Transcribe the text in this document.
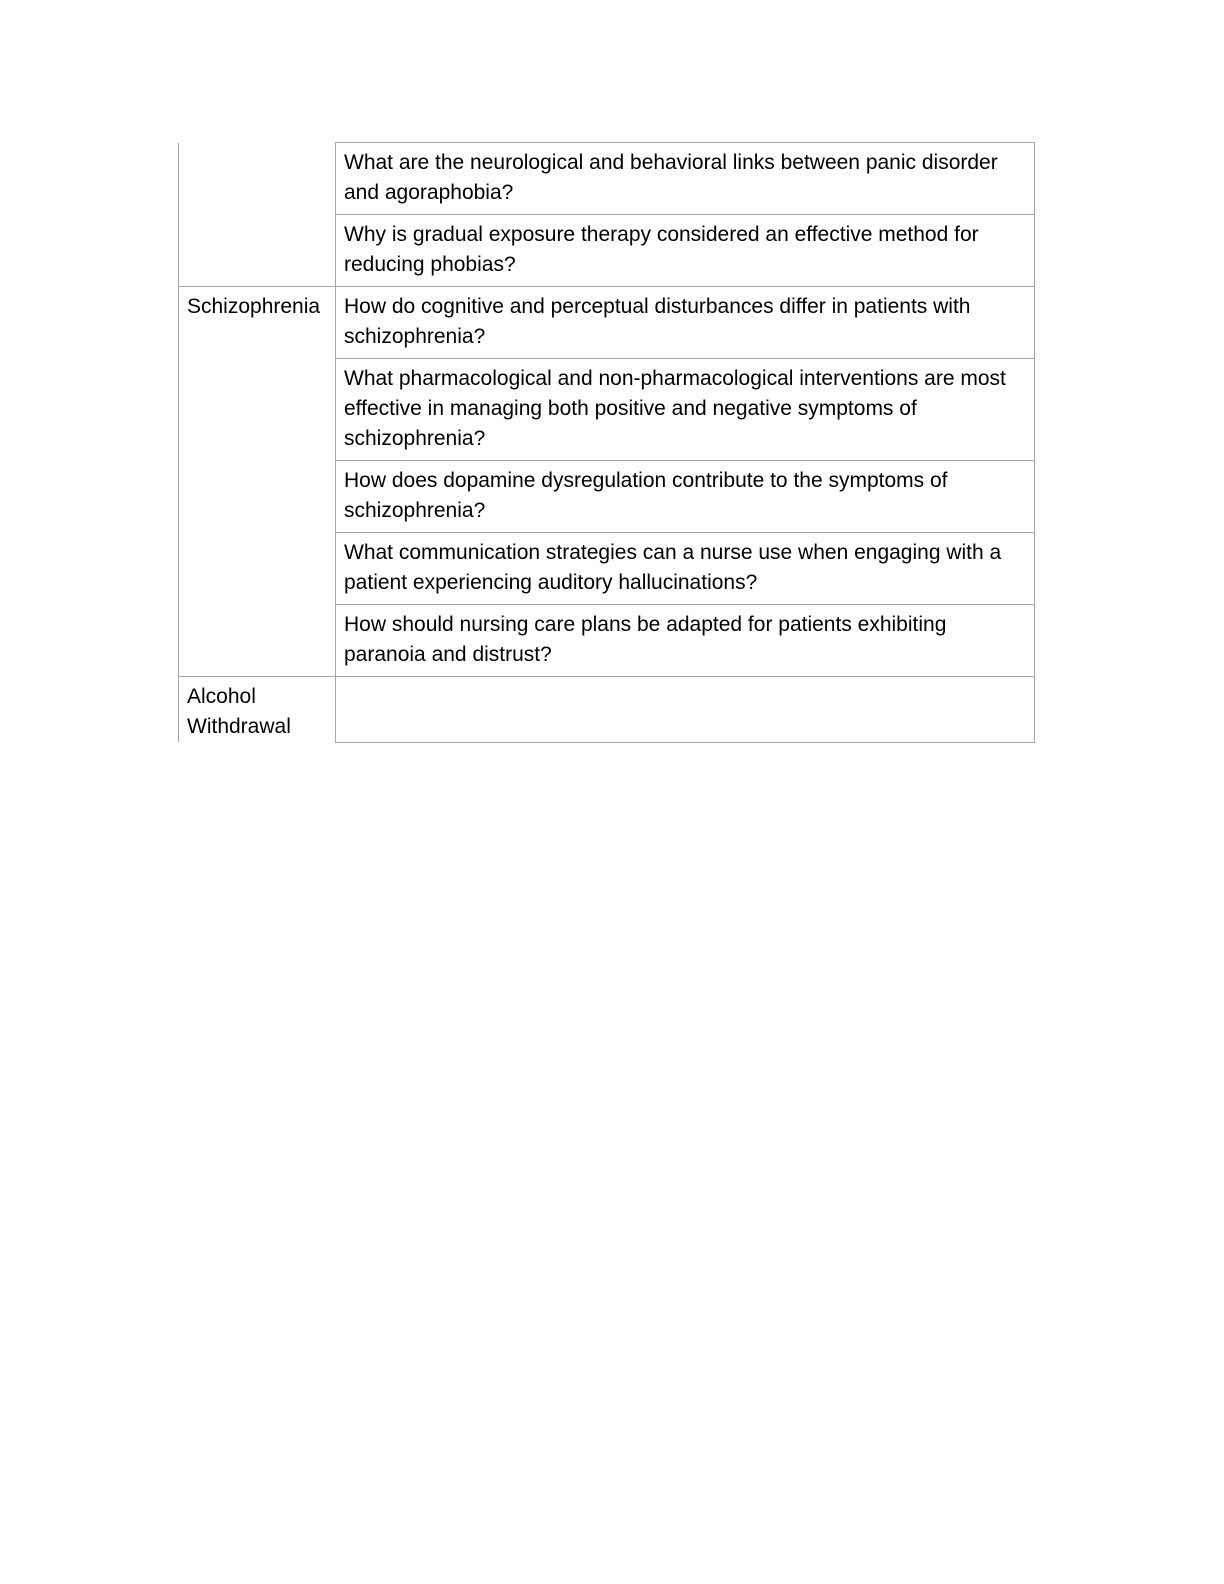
	What are the neurological and behavioral links between panic disorder and agoraphobia?
	Why is gradual exposure therapy considered an effective method for reducing phobias?
Schizophrenia	How do cognitive and perceptual disturbances differ in patients with schizophrenia?
	What pharmacological and non-pharmacological interventions are most effective in managing both positive and negative symptoms of schizophrenia?
	How does dopamine dysregulation contribute to the symptoms of schizophrenia?
	What communication strategies can a nurse use when engaging with a patient experiencing auditory hallucinations?
	How should nursing care plans be adapted for patients exhibiting paranoia and distrust?
Alcohol Withdrawal	
